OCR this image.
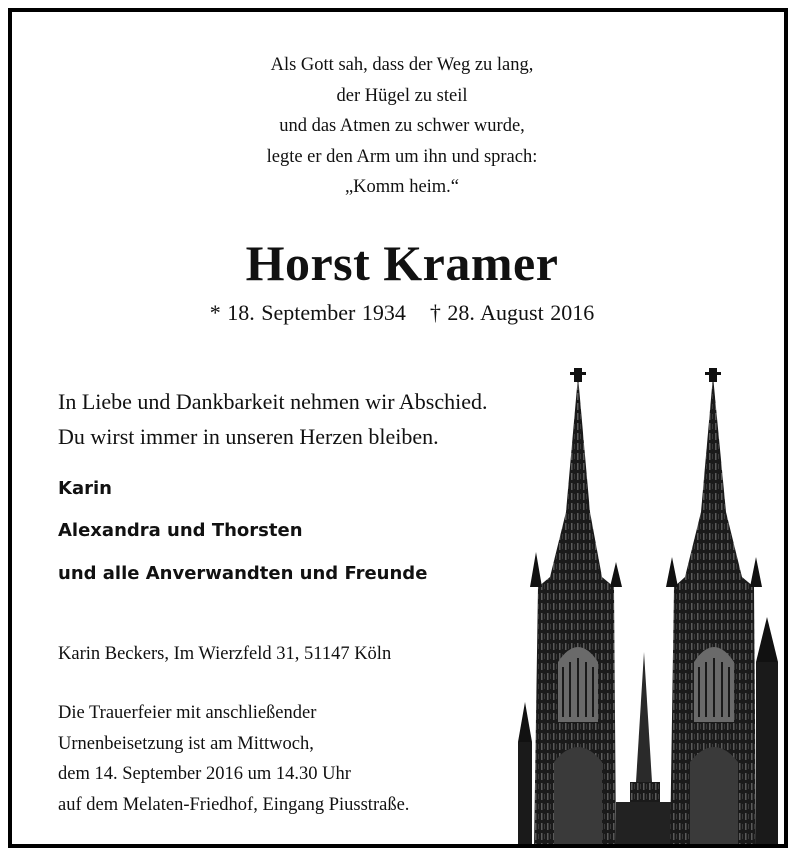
Als Gott sah, dass der Weg zu lang,
der Hügel zu steil
und das Atmen zu schwer wurde,
legte er den Arm um ihn und sprach:
„Komm heim.“
Horst Kramer
* 18. September 1934 † 28. August 2016
In Liebe und Dankbarkeit nehmen wir Abschied.
Du wirst immer in unseren Herzen bleiben.
Karin
Alexandra und Thorsten
und alle Anverwandten und Freunde
Karin Beckers, Im Wierzfeld 31, 51147 Köln
Die Trauerfeier mit anschließender
Urnenbeisetzung ist am Mittwoch,
dem 14. September 2016 um 14.30 Uhr
auf dem Melaten-Friedhof, Eingang Piusstraße.
